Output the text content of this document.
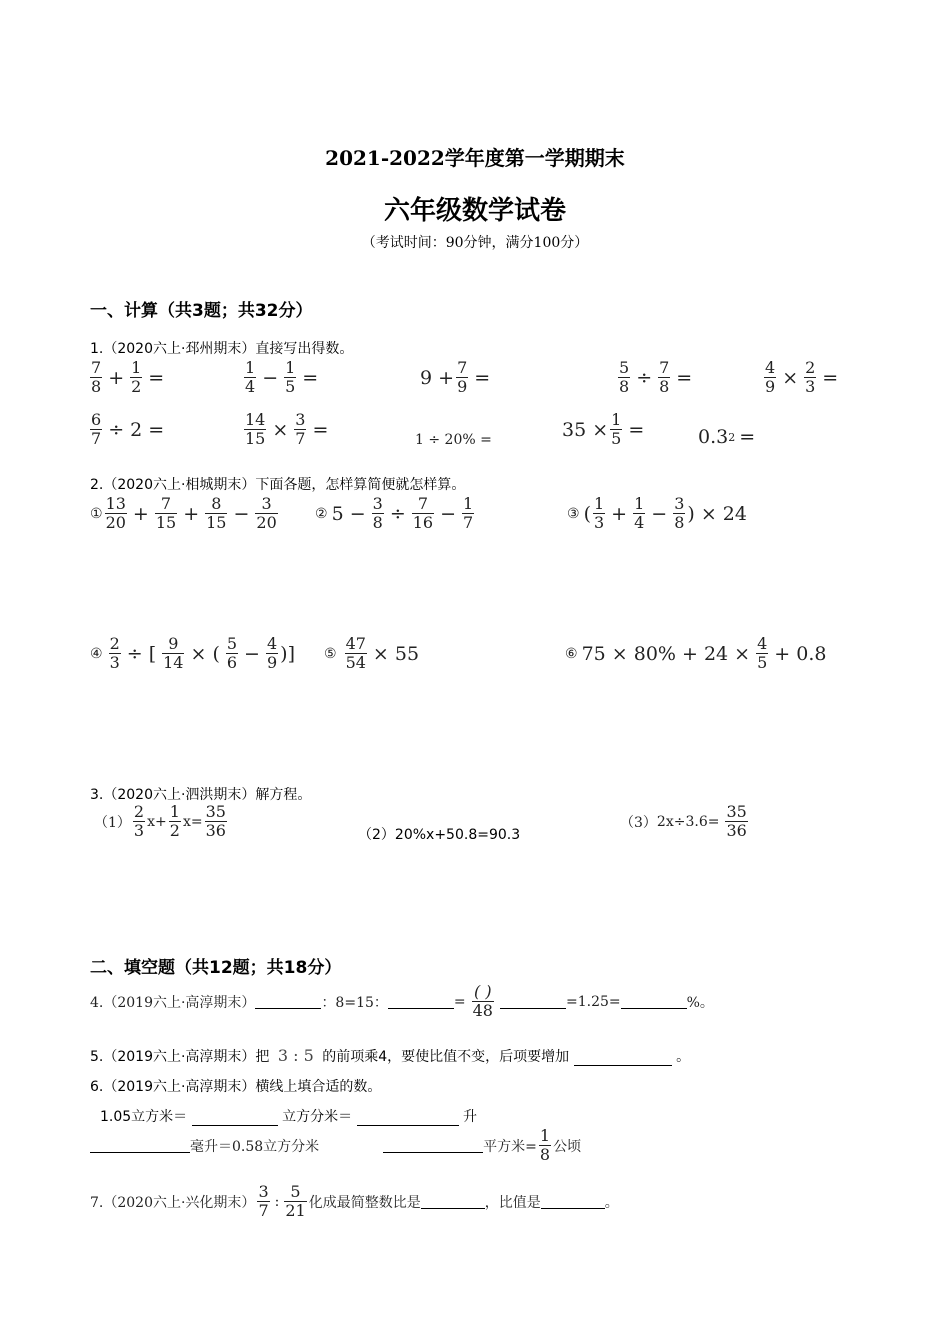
2021-2022学年度第一学期期末
六年级数学试卷
（考试时间：90分钟，满分100分）
一、计算（共3题；共32分）
1.（2020六上·邳州期末）直接写出得数。
$\frac{7}{8} + \frac{1}{2}$ =	$\frac{1}{4} - \frac{1}{5}$ =	$9 + \frac{7}{9}$ =	$\frac{5}{8} \div \frac{7}{8}$ =	$\frac{4}{9} \times \frac{2}{3}$ =
$\frac{6}{7} \div 2$ =	$\frac{14}{15} \times \frac{3}{7}$ =	1 ÷ 20% =	$35 \times \frac{1}{5}$ =	0.3 2 =
2.（2020六上·相城期末）下面各题，怎样算简便就怎样算。
① $\frac{13}{20} + \frac{7}{15} + \frac{8}{15} - \frac{3}{20}$	② $5 - \frac{3}{8} \div \frac{7}{16} - \frac{1}{7}$	③ ( $\frac{1}{3} + \frac{1}{4} - \frac{3}{8}$ ) × 24
④ $\frac{2}{3}$ ÷ [ $\frac{9}{14}$ × ( $\frac{5}{6} - \frac{4}{9}$ )] ⑤ $\frac{47}{54} \times 55$	⑥ $75 \times 80\% + 24 \times \frac{4}{5} + 0.8$
3.（2020六上·泗洪期末）解方程。
$(1) \frac{2}{3} x+ \frac{1}{2} x= \frac{35}{36}$	（2）20%x+50.8=90.3
（3） $2x\div 3.6= \frac{35}{36}$
二、填空题（共12题；共18分）
4.（2019六上·高淳期末）	：8=15：	= $\frac{( )}{48}$	=1.25=	%。
5.（2019六上·高淳期末）把 3 : 5 的前项乘4，要使比值不变，后项要增加	。
6.（2019六上·高淳期末）横线上填合适的数。
1.05立方米＝	立方分米＝	升
毫升＝0.58立方分米	平方米= $\frac{1}{8}$ 公顷
7.（2020六上·兴化期末） $\frac{3}{7}$ : $\frac{5}{21}$ 化成最简整数比是	，比值是	。
